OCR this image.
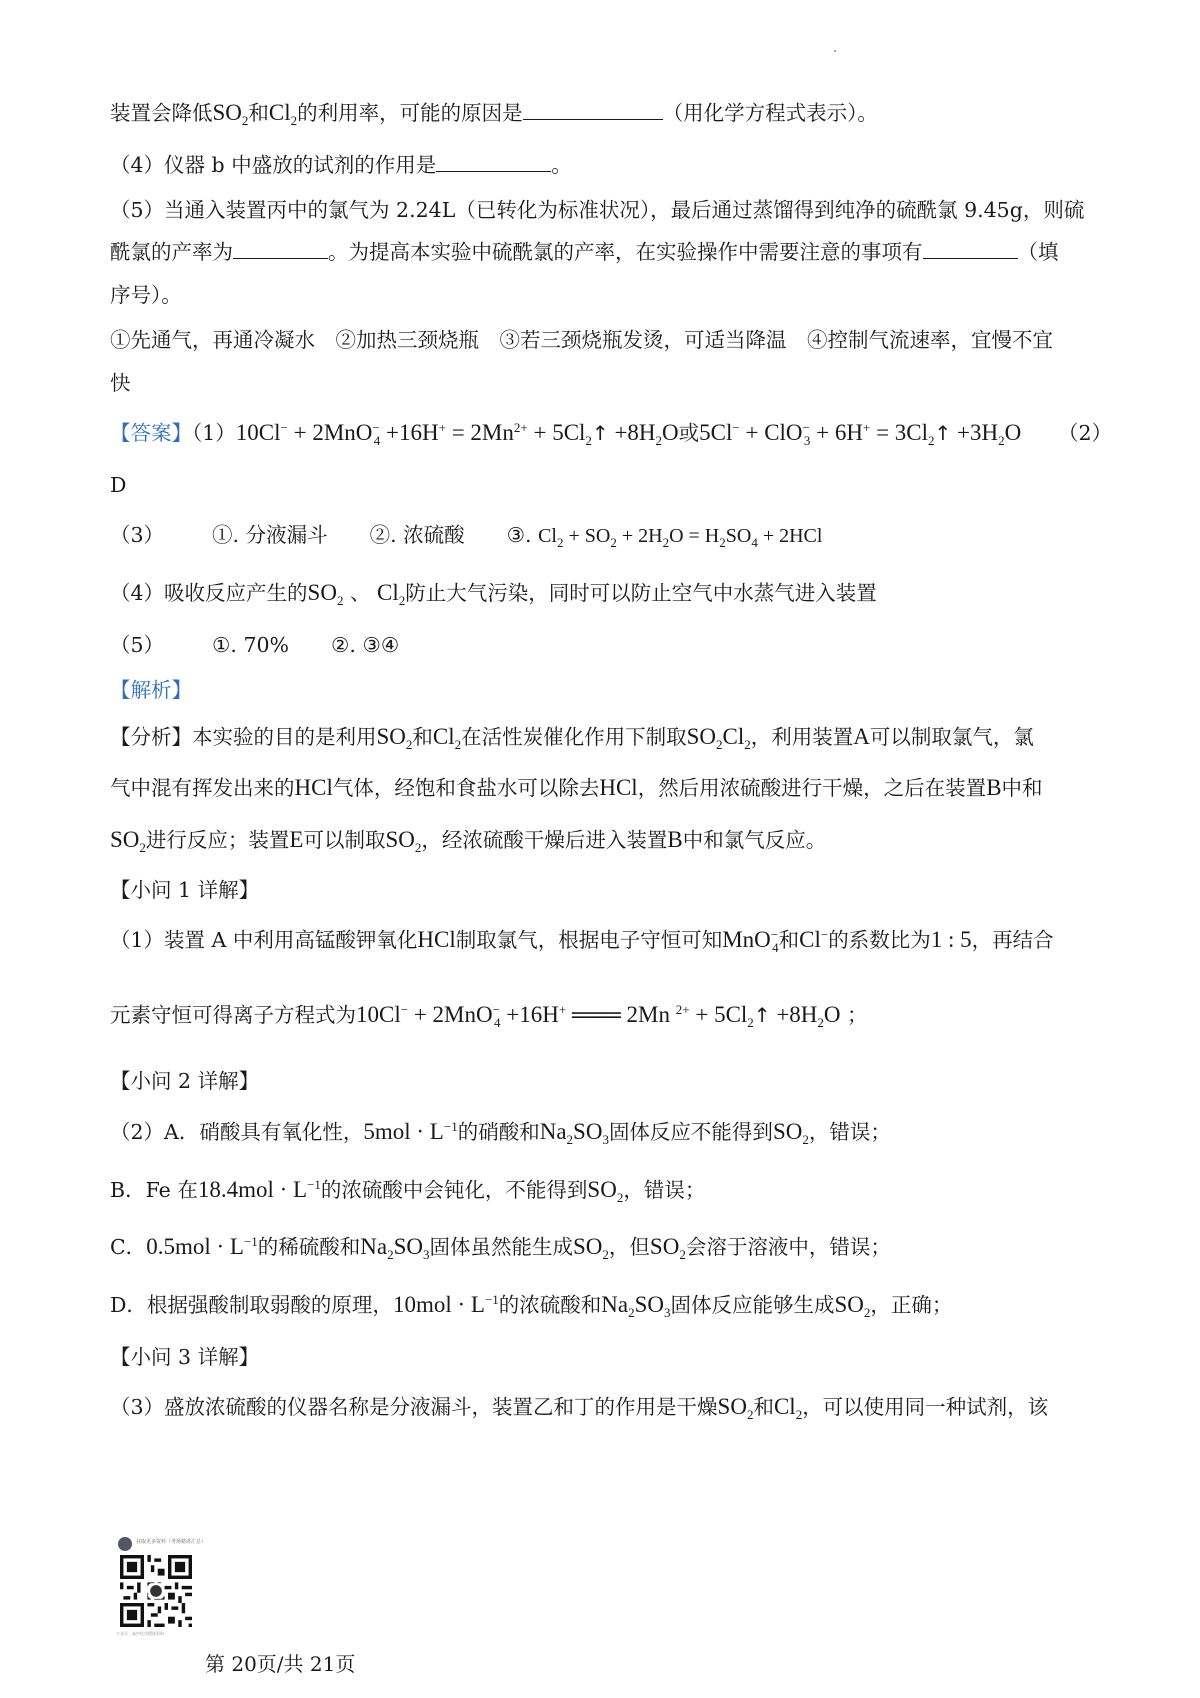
装置会降低$SO_2$和$Cl_2$的利用率，可能的原因是	（用化学方程式表示）。
（4）仪器 b 中盛放的试剂的作用是	。
（5）当通入装置丙中的氯气为 2.24L（已转化为标准状况），最后通过蒸馏得到纯净的硫酰氯 9.45g，则硫
酰氯的产率为	。为提高本实验中硫酰氯的产率，在实验操作中需要注意的事项有	（填
序号）。
①先通气，再通冷凝水　②加热三颈烧瓶　③若三颈烧瓶发烫，可适当降温　④控制气流速率，宜慢不宜
快
【答案】$(1)10Cl^- + 2MnO^-_4 +16H^+ = 2Mn^{2+}$ + $5Cl_2↑ +8H_2O$或$5Cl^- + ClO^-_3 + 6H^+ = 3Cl_2↑ +3H_2O$ （2）
D
（3） ①. 分液漏斗 ②. 浓硫酸 ③. $Cl_2 + SO_2 + 2H_2O = H_2SO_4 + 2HCl$
（4）吸收反应产生的$SO_2$ 、 $Cl_2$防止大气污染，同时可以防止空气中水蒸气进入装置
（5） ①. 70% ②. ③④
【解析】
【分析】本实验的目的是利用$SO_2$和$Cl_2$在活性炭催化作用下制取$SO_2Cl_2$，利用装置A可以制取氯气，氯
气中混有挥发出来的HCl气体，经饱和食盐水可以除去HCl，然后用浓硫酸进行干燥，之后在装置B中和
$SO_2$进行反应；装置E可以制取$SO_2$，经浓硫酸干燥后进入装置B中和氯气反应。
【小问 1 详解】
（1）装置 A 中利用高锰酸钾氧化HCl制取氯气，根据电子守恒可知MnO−$_4$和Cl−的系数比为1 : 5，再结合
元素守恒可得离子方程式为10Cl− + 2MnO−$_4$ +16H+ ═══ 2Mn $^{2+} + 5Cl_2↑ +8H_2O$ ；
【小问 2 详解】
（2）A．硝酸具有氧化性，$5mol \cdot L^{-1}$的硝酸和$Na_2SO_3$固体反应不能得到$SO_2$，错误；
B．Fe 在$18.4mol \cdot L^{-1}$的浓硫酸中会钝化，不能得到$SO_2$，错误；
C．$0.5mol \cdot L^{-1}$的稀硫酸和$Na_2SO_3$固体虽然能生成$SO_2$，但$SO_2$会溶于溶液中，错误；
D．根据强酸制取弱酸的原理，$10mol \cdot L^{-1}$的浓硫酸和$Na_2SO_3$固体反应能够生成$SO_2$，正确；
【小问 3 详解】
（3）盛放浓硫酸的仪器名称是分液漏斗，装置乙和丁的作用是干燥$SO_2$和$Cl_2$，可以使用同一种试剂，该
获取更多资料（考场精讲汇总）
公众号：高中化学精选资料
第 20页/共 21页
